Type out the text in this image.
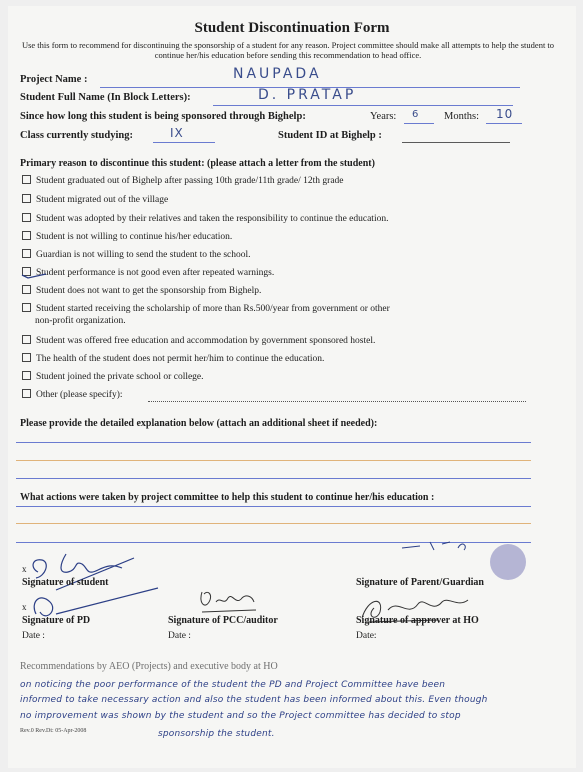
Student Discontinuation Form
Use this form to recommend for discontinuing the sponsorship of a student for any reason. Project committee should make all attempts to help the student to continue her/his education before sending this recommendation to head office.
Project Name :	NAUPADA
Student Full Name (In Block Letters):	D. PRATAP
Since how long this student is being sponsored through Bighelp:	Years: 6 Months: 10
Class currently studying:	IX	Student ID at Bighelp :
Primary reason to discontinue this student: (please attach a letter from the student)
Student graduated out of Bighelp after passing 10th grade/11th grade/ 12th grade
Student migrated out of the village
Student was adopted by their relatives and taken the responsibility to continue the education.
Student is not willing to continue his/her education.
Guardian is not willing to send the student to the school.
Student performance is not good even after repeated warnings.
Student does not want to get the sponsorship from Bighelp.
Student started receiving the scholarship of more than Rs.500/year from government or other
non-profit organization.
Student was offered free education and accommodation by government sponsored hostel.
The health of the student does not permit her/him to continue the education.
Student joined the private school or college.
Other (please specify):
Please provide the detailed explanation below (attach an additional sheet if needed):
What actions were taken by project committee to help this student to continue her/his education :
x
Signature of student	Signature of Parent/Guardian
x
Signature of PD	Signature of PCC/auditor	Signature of approver at HO
Date :	Date :	Date:
Recommendations by AEO (Projects) and executive body at HO
on noticing the poor performance of the student the PD and Project Committee have been
informed to take necessary action and also the student has been informed about this. Even though
no improvement was shown by the student and so the Project committee has decided to stop
sponsorship the student.
Rev.0 Rev.Dt: 05-Apr-2008
